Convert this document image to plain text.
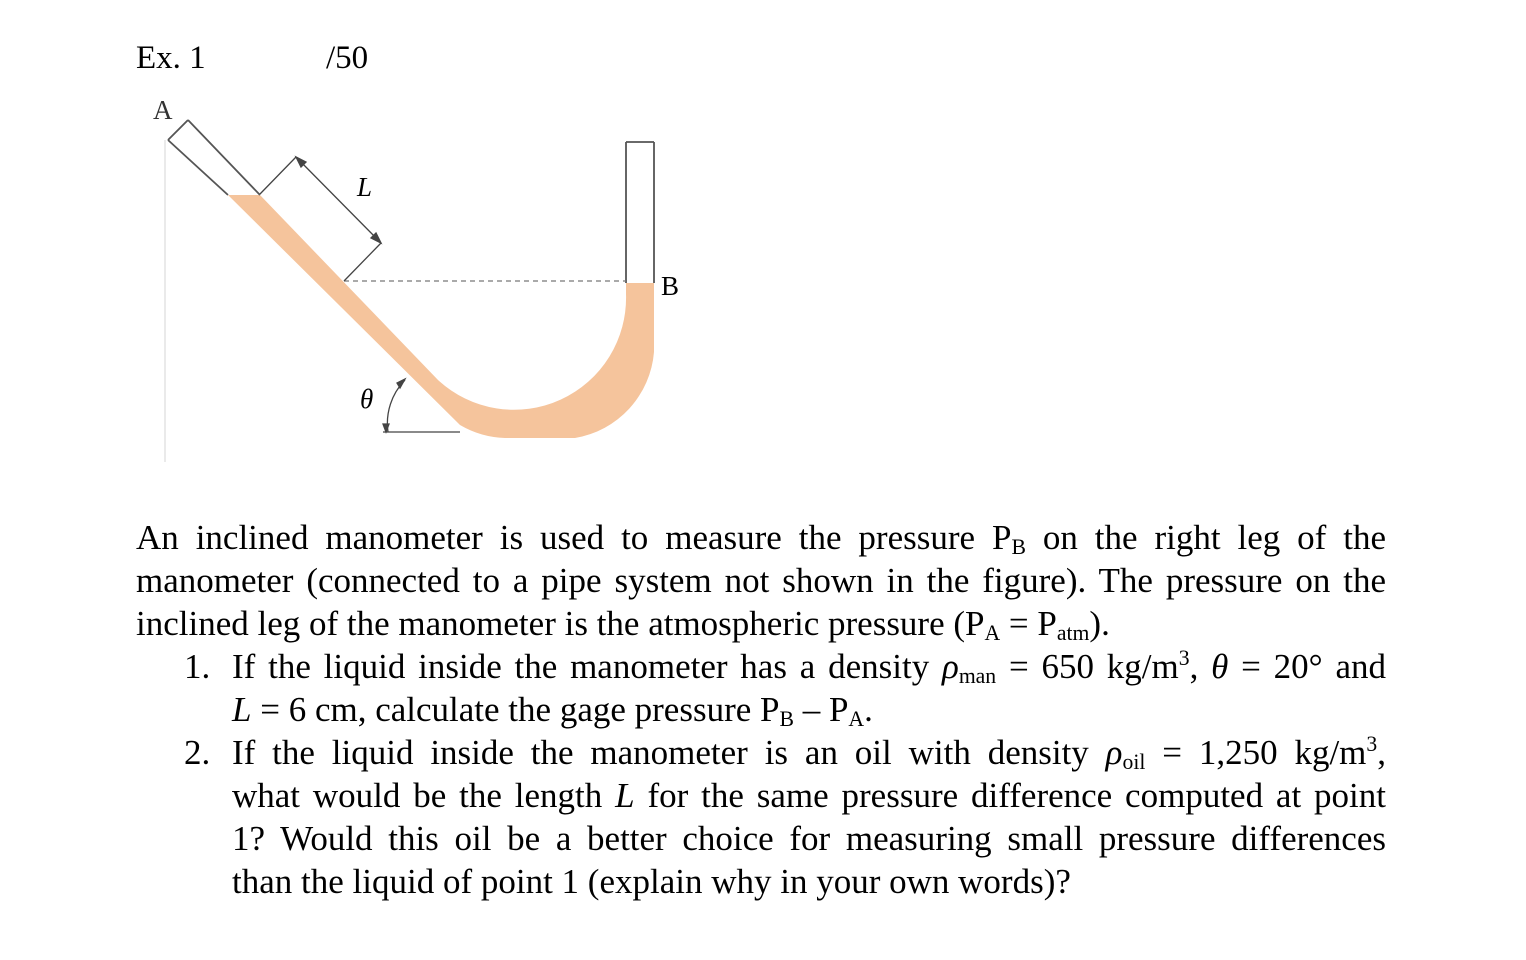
Ex. 1	/50
A
B
L
θ

An inclined manometer is used to measure the pressure $P_B$ on the right leg of the manometer (connected to a pipe system not shown in the figure). The pressure on the inclined leg of the manometer is the atmospheric pressure $(P_A = P_{atm})$.

1. If the liquid inside the manometer has a density $\rho_{man} = 650$ $kg/m^3$, θ = 20° and
L = 6 cm, calculate the gage pressure $P_B - P_A$.
2. If the liquid inside the manometer is an oil with density $\rho_{oil} = 1,250$ $kg/m^3$,
what would be the length L for the same pressure difference computed at point
1? Would this oil be a better choice for measuring small pressure differences
than the liquid of point 1 (explain why in your own words)?
